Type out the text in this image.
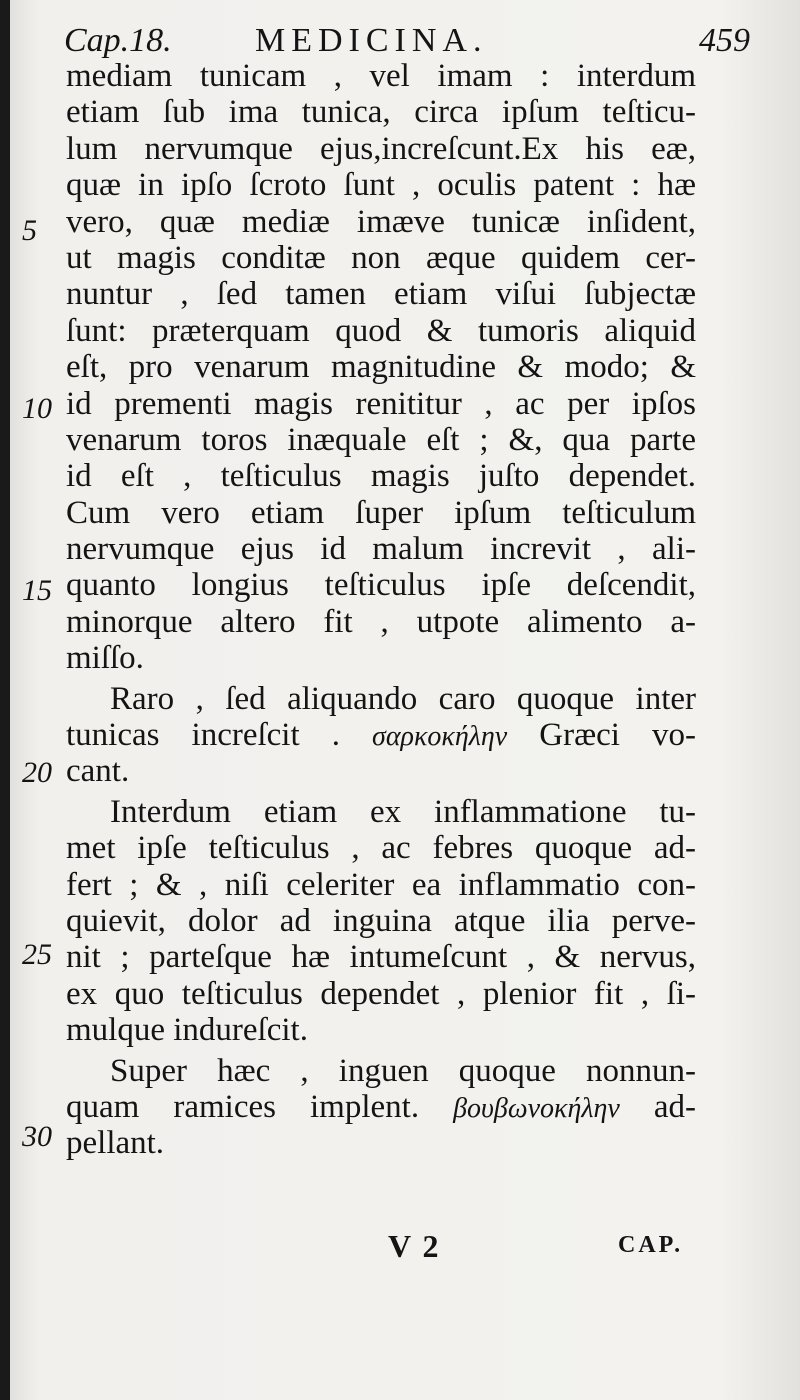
Cap.18. MEDICINA.	459
mediam tunicam , vel imam : interdum
etiam ſub ima tunica, circa ipſum teſticu-
lum nervumque ejus,increſcunt.Ex his eæ,
quæ in ipſo ſcroto ſunt , oculis patent : hæ
vero, quæ mediæ imæve tunicæ inſident,
ut magis conditæ non æque quidem cer-
nuntur , ſed tamen etiam viſui ſubjectæ
ſunt: præterquam quod & tumoris aliquid
eſt, pro venarum magnitudine & modo; &
id prementi magis renititur , ac per ipſos
venarum toros inæquale eſt ; &, qua parte
id eſt , teſticulus magis juſto dependet.
Cum vero etiam ſuper ipſum teſticulum
nervumque ejus id malum increvit , ali-
quanto longius teſticulus ipſe deſcendit,
minorque altero fit , utpote alimento a-
miſſo.
Raro , ſed aliquando caro quoque inter
tunicas increſcit . σαρκοκήλην Græci vo-
cant.
Interdum etiam ex inflammatione tu-
met ipſe teſticulus , ac febres quoque ad-
fert ; & , niſi celeriter ea inflammatio con-
quievit, dolor ad inguina atque ilia perve-
nit ; parteſque hæ intumeſcunt , & nervus,
ex quo teſticulus dependet , plenior fit , ſi-
mulque indureſcit.
Super hæc , inguen quoque nonnun-
quam ramices implent. βουβωνοκήλην ad-
pellant.
5
10
15
20
25
30
V 2	CAP.
